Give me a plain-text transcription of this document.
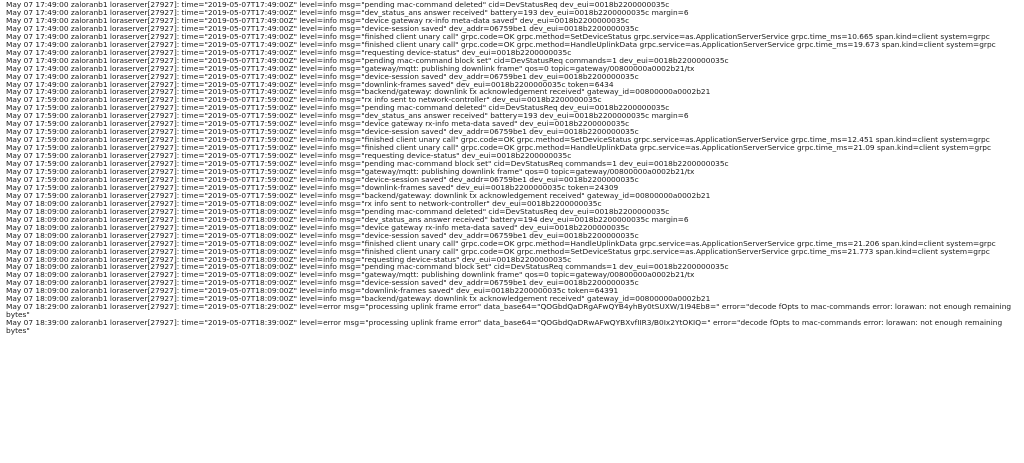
May 07 17:49:00 zaloranb1 loraserver[27927]: time="2019-05-07T17:49:00Z" level=info msg="pending mac-command deleted" cid=DevStatusReq dev_eui=0018b2200000035c
May 07 17:49:00 zaloranb1 loraserver[27927]: time="2019-05-07T17:49:00Z" level=info msg="dev_status_ans answer received" battery=193 dev_eui=0018b2200000035c margin=6
May 07 17:49:00 zaloranb1 loraserver[27927]: time="2019-05-07T17:49:00Z" level=info msg="device gateway rx-info meta-data saved" dev_eui=0018b2200000035c
May 07 17:49:00 zaloranb1 loraserver[27927]: time="2019-05-07T17:49:00Z" level=info msg="device-session saved" dev_addr=06759be1 dev_eui=0018b2200000035c
May 07 17:49:00 zaloranb1 loraserver[27927]: time="2019-05-07T17:49:00Z" level=info msg="finished client unary call" grpc.code=OK grpc.method=SetDeviceStatus grpc.service=as.ApplicationServerService grpc.time_ms=10.665 span.kind=client system=grpc
May 07 17:49:00 zaloranb1 loraserver[27927]: time="2019-05-07T17:49:00Z" level=info msg="finished client unary call" grpc.code=OK grpc.method=HandleUplinkData grpc.service=as.ApplicationServerService grpc.time_ms=19.673 span.kind=client system=grpc
May 07 17:49:00 zaloranb1 loraserver[27927]: time="2019-05-07T17:49:00Z" level=info msg="requesting device-status" dev_eui=0018b2200000035c
May 07 17:49:00 zaloranb1 loraserver[27927]: time="2019-05-07T17:49:00Z" level=info msg="pending mac-command block set" cid=DevStatusReq commands=1 dev_eui=0018b2200000035c
May 07 17:49:00 zaloranb1 loraserver[27927]: time="2019-05-07T17:49:00Z" level=info msg="gateway/mqtt: publishing downlink frame" qos=0 topic=gateway/00800000a0002b21/tx
May 07 17:49:00 zaloranb1 loraserver[27927]: time="2019-05-07T17:49:00Z" level=info msg="device-session saved" dev_addr=06759be1 dev_eui=0018b2200000035c
May 07 17:49:00 zaloranb1 loraserver[27927]: time="2019-05-07T17:49:00Z" level=info msg="downlink-frames saved" dev_eui=0018b2200000035c token=6434
May 07 17:49:00 zaloranb1 loraserver[27927]: time="2019-05-07T17:49:00Z" level=info msg="backend/gateway: downlink tx acknowledgement received" gateway_id=00800000a0002b21
May 07 17:59:00 zaloranb1 loraserver[27927]: time="2019-05-07T17:59:00Z" level=info msg="rx info sent to network-controller" dev_eui=0018b2200000035c
May 07 17:59:00 zaloranb1 loraserver[27927]: time="2019-05-07T17:59:00Z" level=info msg="pending mac-command deleted" cid=DevStatusReq dev_eui=0018b2200000035c
May 07 17:59:00 zaloranb1 loraserver[27927]: time="2019-05-07T17:59:00Z" level=info msg="dev_status_ans answer received" battery=193 dev_eui=0018b2200000035c margin=6
May 07 17:59:00 zaloranb1 loraserver[27927]: time="2019-05-07T17:59:00Z" level=info msg="device gateway rx-info meta-data saved" dev_eui=0018b2200000035c
May 07 17:59:00 zaloranb1 loraserver[27927]: time="2019-05-07T17:59:00Z" level=info msg="device-session saved" dev_addr=06759be1 dev_eui=0018b2200000035c
May 07 17:59:00 zaloranb1 loraserver[27927]: time="2019-05-07T17:59:00Z" level=info msg="finished client unary call" grpc.code=OK grpc.method=SetDeviceStatus grpc.service=as.ApplicationServerService grpc.time_ms=12.451 span.kind=client system=grpc
May 07 17:59:00 zaloranb1 loraserver[27927]: time="2019-05-07T17:59:00Z" level=info msg="finished client unary call" grpc.code=OK grpc.method=HandleUplinkData grpc.service=as.ApplicationServerService grpc.time_ms=21.09 span.kind=client system=grpc
May 07 17:59:00 zaloranb1 loraserver[27927]: time="2019-05-07T17:59:00Z" level=info msg="requesting device-status" dev_eui=0018b2200000035c
May 07 17:59:00 zaloranb1 loraserver[27927]: time="2019-05-07T17:59:00Z" level=info msg="pending mac-command block set" cid=DevStatusReq commands=1 dev_eui=0018b2200000035c
May 07 17:59:00 zaloranb1 loraserver[27927]: time="2019-05-07T17:59:00Z" level=info msg="gateway/mqtt: publishing downlink frame" qos=0 topic=gateway/00800000a0002b21/tx
May 07 17:59:00 zaloranb1 loraserver[27927]: time="2019-05-07T17:59:00Z" level=info msg="device-session saved" dev_addr=06759be1 dev_eui=0018b2200000035c
May 07 17:59:00 zaloranb1 loraserver[27927]: time="2019-05-07T17:59:00Z" level=info msg="downlink-frames saved" dev_eui=0018b2200000035c token=24309
May 07 17:59:00 zaloranb1 loraserver[27927]: time="2019-05-07T17:59:00Z" level=info msg="backend/gateway: downlink tx acknowledgement received" gateway_id=00800000a0002b21
May 07 18:09:00 zaloranb1 loraserver[27927]: time="2019-05-07T18:09:00Z" level=info msg="rx info sent to network-controller" dev_eui=0018b2200000035c
May 07 18:09:00 zaloranb1 loraserver[27927]: time="2019-05-07T18:09:00Z" level=info msg="pending mac-command deleted" cid=DevStatusReq dev_eui=0018b2200000035c
May 07 18:09:00 zaloranb1 loraserver[27927]: time="2019-05-07T18:09:00Z" level=info msg="dev_status_ans answer received" battery=194 dev_eui=0018b2200000035c margin=6
May 07 18:09:00 zaloranb1 loraserver[27927]: time="2019-05-07T18:09:00Z" level=info msg="device gateway rx-info meta-data saved" dev_eui=0018b2200000035c
May 07 18:09:00 zaloranb1 loraserver[27927]: time="2019-05-07T18:09:00Z" level=info msg="device-session saved" dev_addr=06759be1 dev_eui=0018b2200000035c
May 07 18:09:00 zaloranb1 loraserver[27927]: time="2019-05-07T18:09:00Z" level=info msg="finished client unary call" grpc.code=OK grpc.method=HandleUplinkData grpc.service=as.ApplicationServerService grpc.time_ms=21.206 span.kind=client system=grpc
May 07 18:09:00 zaloranb1 loraserver[27927]: time="2019-05-07T18:09:00Z" level=info msg="finished client unary call" grpc.code=OK grpc.method=SetDeviceStatus grpc.service=as.ApplicationServerService grpc.time_ms=21.773 span.kind=client system=grpc
May 07 18:09:00 zaloranb1 loraserver[27927]: time="2019-05-07T18:09:00Z" level=info msg="requesting device-status" dev_eui=0018b2200000035c
May 07 18:09:00 zaloranb1 loraserver[27927]: time="2019-05-07T18:09:00Z" level=info msg="pending mac-command block set" cid=DevStatusReq commands=1 dev_eui=0018b2200000035c
May 07 18:09:00 zaloranb1 loraserver[27927]: time="2019-05-07T18:09:00Z" level=info msg="gateway/mqtt: publishing downlink frame" qos=0 topic=gateway/00800000a0002b21/tx
May 07 18:09:00 zaloranb1 loraserver[27927]: time="2019-05-07T18:09:00Z" level=info msg="device-session saved" dev_addr=06759be1 dev_eui=0018b2200000035c
May 07 18:09:00 zaloranb1 loraserver[27927]: time="2019-05-07T18:09:00Z" level=info msg="downlink-frames saved" dev_eui=0018b2200000035c token=64391
May 07 18:09:00 zaloranb1 loraserver[27927]: time="2019-05-07T18:09:00Z" level=info msg="backend/gateway: downlink tx acknowledgement received" gateway_id=00800000a0002b21
May 07 18:29:00 zaloranb1 loraserver[27927]: time="2019-05-07T18:29:00Z" level=error msg="processing uplink frame error" data_base64="QOGbdQaDRgAFwQYB4yhBy0tSUXW/1I94Eb8=" error="decode fOpts to mac-commands error: lorawan: not enough remaining bytes"
May 07 18:39:00 zaloranb1 loraserver[27927]: time="2019-05-07T18:39:00Z" level=error msg="processing uplink frame error" data_base64="QOGbdQaDRwAFwQYBXvfIIR3/B0Ix2YtOKIQ=" error="decode fOpts to mac-commands error: lorawan: not enough remaining bytes"
